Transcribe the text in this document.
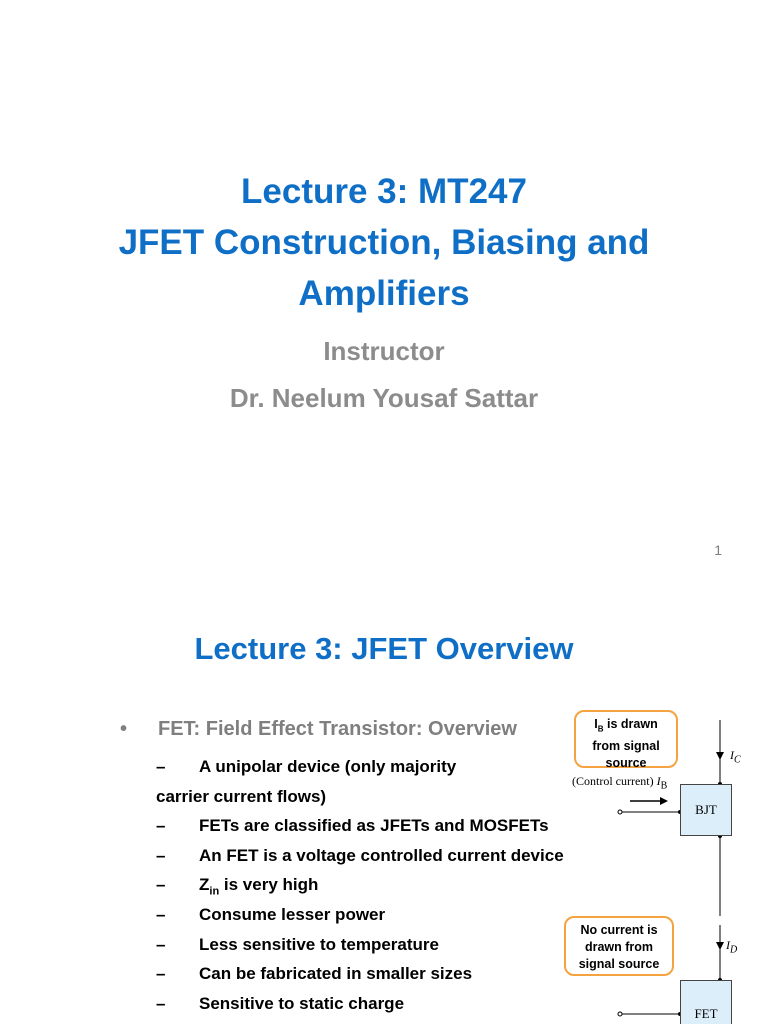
Lecture 3: MT247
JFET Construction, Biasing and
Amplifiers
Instructor
Dr. Neelum Yousaf Sattar
1
Lecture 3: JFET Overview
• FET: Field Effect Transistor: Overview
– A unipolar device (only majority
carrier current flows)
– FETs are classified as JFETs and MOSFETs
– An FET is a voltage controlled current device
– $Z_{in}$ is very high
– Consume lesser power
– Less sensitive to temperature
– Can be fabricated in smaller sizes
– Sensitive to static charge
$I_B$ is drawn
from signal
source
$I_C$
(Control current) $I_B$
BJT
No current is
drawn from
signal source
$I_D$
FET
